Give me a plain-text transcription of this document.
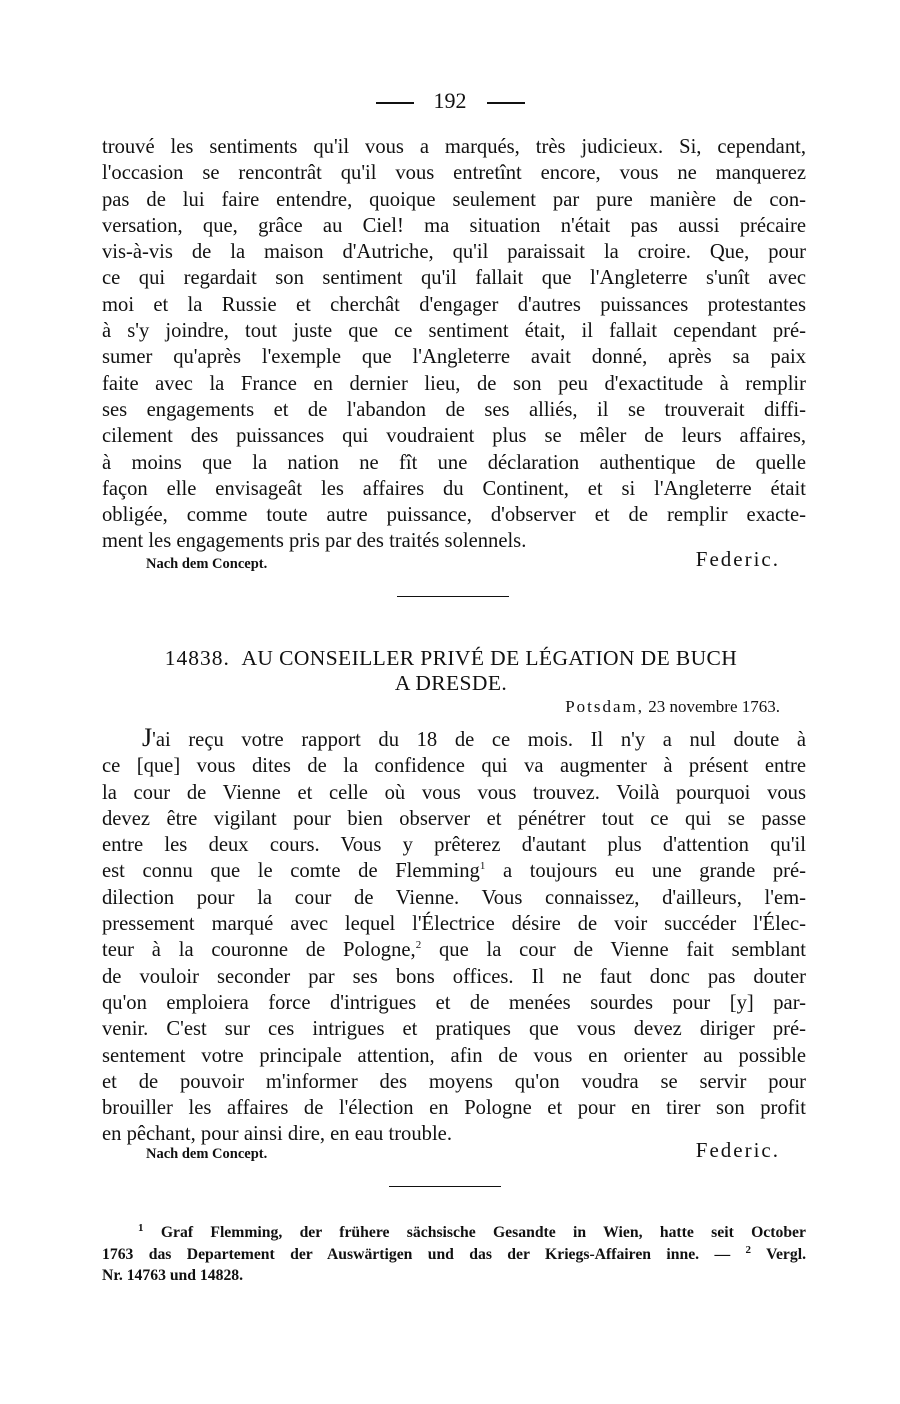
192
trouvé les sentiments qu'il vous a marqués, très judicieux. Si, cependant,
l'occasion se rencontrât qu'il vous entretînt encore, vous ne manquerez
pas de lui faire entendre, quoique seulement par pure manière de con-
versation, que, grâce au Ciel! ma situation n'était pas aussi précaire
vis-à-vis de la maison d'Autriche, qu'il paraissait la croire. Que, pour
ce qui regardait son sentiment qu'il fallait que l'Angleterre s'unît avec
moi et la Russie et cherchât d'engager d'autres puissances protestantes
à s'y joindre, tout juste que ce sentiment était, il fallait cependant pré-
sumer qu'après l'exemple que l'Angleterre avait donné, après sa paix
faite avec la France en dernier lieu, de son peu d'exactitude à remplir
ses engagements et de l'abandon de ses alliés, il se trouverait diffi-
cilement des puissances qui voudraient plus se mêler de leurs affaires,
à moins que la nation ne fît une déclaration authentique de quelle
façon elle envisageât les affaires du Continent, et si l'Angleterre était
obligée, comme toute autre puissance, d'observer et de remplir exacte-
ment les engagements pris par des traités solennels.
Nach dem Concept.	Federic.
14838. AU CONSEILLER PRIVÉ DE LÉGATION DE BUCH
A DRESDE.
Potsdam, 23 novembre 1763.
J'ai reçu votre rapport du 18 de ce mois. Il n'y a nul doute à
ce [que] vous dites de la confidence qui va augmenter à présent entre
la cour de Vienne et celle où vous vous trouvez. Voilà pourquoi vous
devez être vigilant pour bien observer et pénétrer tout ce qui se passe
entre les deux cours. Vous y prêterez d'autant plus d'attention qu'il
est connu que le comte de Flemming$^1$ a toujours eu une grande pré-
dilection pour la cour de Vienne. Vous connaissez, d'ailleurs, l'em-
pressement marqué avec lequel l'Électrice désire de voir succéder l'Élec-
teur à la couronne de Pologne,$^2$ que la cour de Vienne fait semblant
de vouloir seconder par ses bons offices. Il ne faut donc pas douter
qu'on emploiera force d'intrigues et de menées sourdes pour [y] par-
venir. C'est sur ces intrigues et pratiques que vous devez diriger pré-
sentement votre principale attention, afin de vous en orienter au possible
et de pouvoir m'informer des moyens qu'on voudra se servir pour
brouiller les affaires de l'élection en Pologne et pour en tirer son profit
en pêchant, pour ainsi dire, en eau trouble.
Nach dem Concept.	Federic.
$^1$ Graf Flemming, der frühere sächsische Gesandte in Wien, hatte seit October
1763 das Departement der Auswärtigen und das der Kriegs-Affairen inne. — $^2$ Vergl.
Nr. 14763 und 14828.
